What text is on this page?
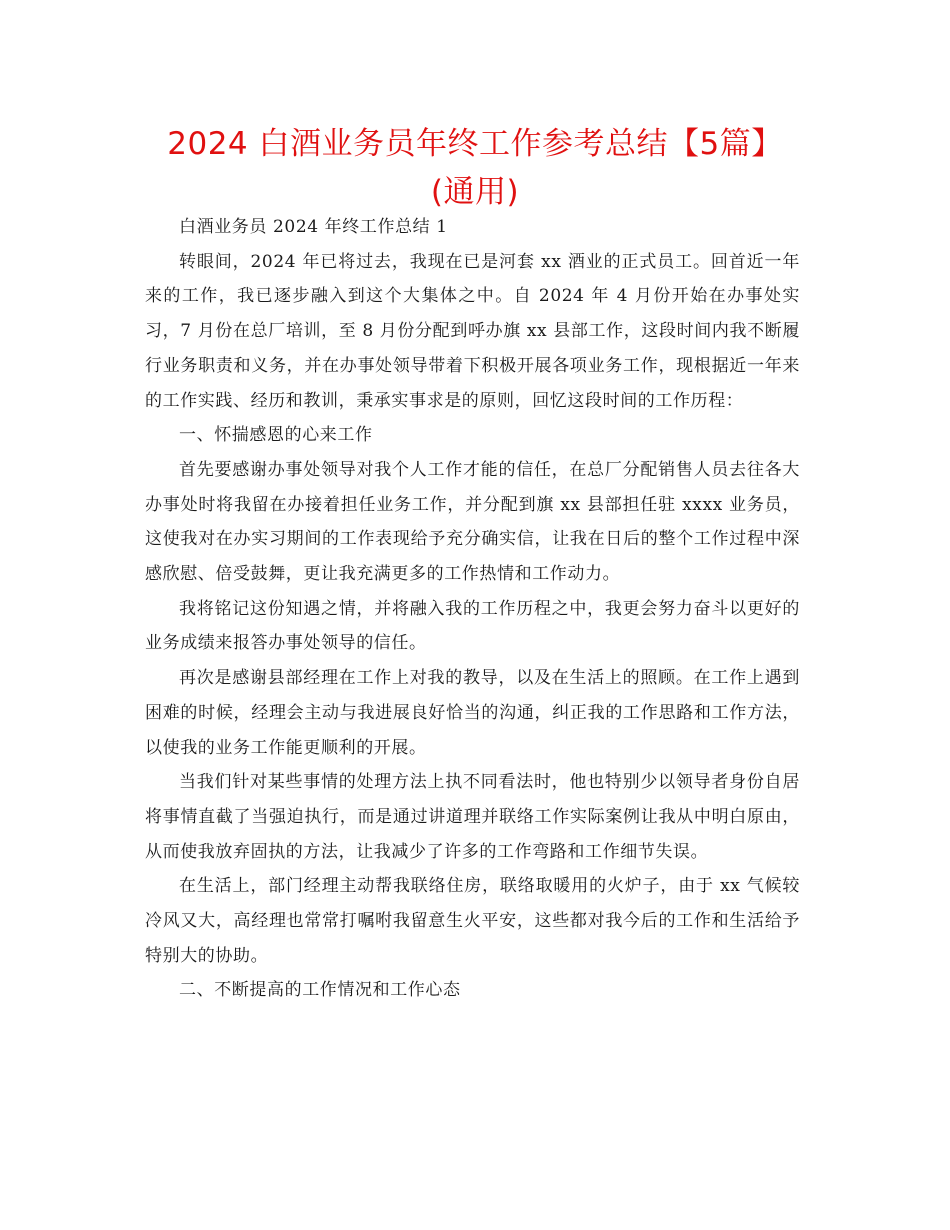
2024 白酒业务员年终工作参考总结【5篇】
(通用)

白酒业务员 2024 年终工作总结 1

转眼间，2024 年已将过去，我现在已是河套 xx 酒业的正式员工。回首近一年来的工作，我已逐步融入到这个大集体之中。自 2024 年 4 月份开始在办事处实习，7 月份在总厂培训，至 8 月份分配到呼办旗 xx 县部工作，这段时间内我不断履行业务职责和义务，并在办事处领导带着下积极开展各项业务工作，现根据近一年来的工作实践、经历和教训，秉承实事求是的原则，回忆这段时间的工作历程：

一、怀揣感恩的心来工作

首先要感谢办事处领导对我个人工作才能的信任，在总厂分配销售人员去往各大办事处时将我留在办接着担任业务工作，并分配到旗 xx 县部担任驻 xxxx 业务员，这使我对在办实习期间的工作表现给予充分确实信，让我在日后的整个工作过程中深感欣慰、倍受鼓舞，更让我充满更多的工作热情和工作动力。

我将铭记这份知遇之情，并将融入我的工作历程之中，我更会努力奋斗以更好的业务成绩来报答办事处领导的信任。

再次是感谢县部经理在工作上对我的教导，以及在生活上的照顾。在工作上遇到困难的时候，经理会主动与我进展良好恰当的沟通，纠正我的工作思路和工作方法，以使我的业务工作能更顺利的开展。

当我们针对某些事情的处理方法上执不同看法时，他也特别少以领导者身份自居将事情直截了当强迫执行，而是通过讲道理并联络工作实际案例让我从中明白原由，从而使我放弃固执的方法，让我减少了许多的工作弯路和工作细节失误。

在生活上，部门经理主动帮我联络住房，联络取暖用的火炉子，由于 xx 气候较冷风又大，高经理也常常打嘱咐我留意生火平安，这些都对我今后的工作和生活给予特别大的协助。

二、不断提高的工作情况和工作心态
